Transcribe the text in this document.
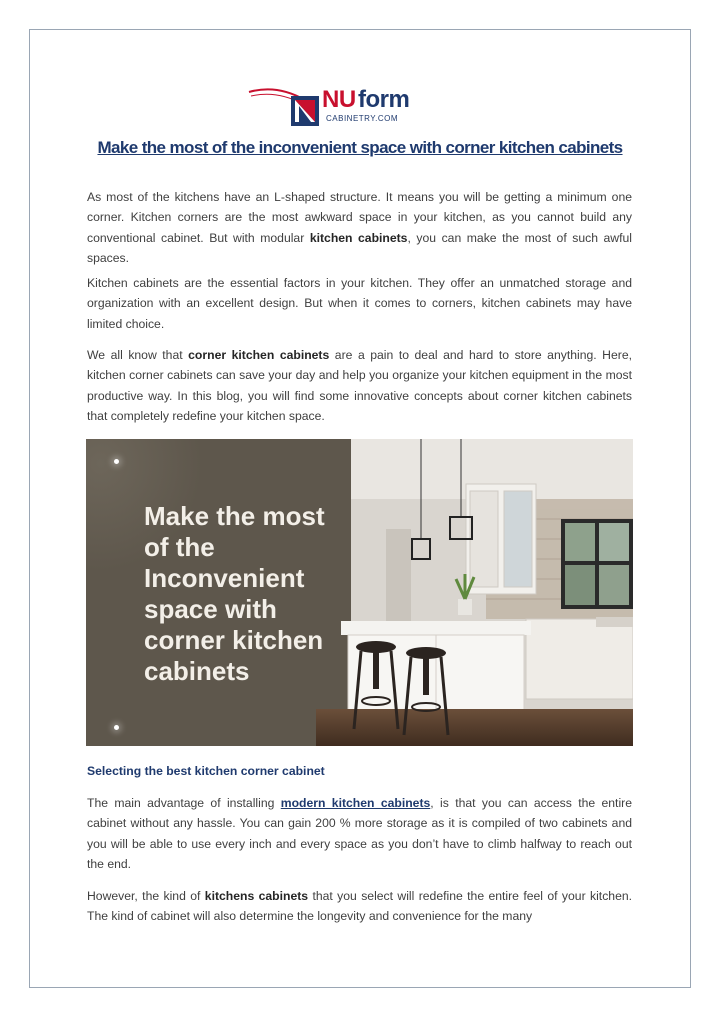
NU form
CABINETRY.COM
Make the most of the inconvenient space with corner kitchen cabinets

As most of the kitchens have an L-shaped structure. It means you will be getting a minimum one corner. Kitchen corners are the most awkward space in your kitchen, as you cannot build any conventional cabinet. But with modular kitchen cabinets, you can make the most of such awful spaces.

Kitchen cabinets are the essential factors in your kitchen. They offer an unmatched storage and organization with an excellent design. But when it comes to corners, kitchen cabinets may have limited choice.

We all know that corner kitchen cabinets are a pain to deal and hard to store anything. Here, kitchen corner cabinets can save your day and help you organize your kitchen equipment in the most productive way. In this blog, you will find some innovative concepts about corner kitchen cabinets that completely redefine your kitchen space.

Make the most
of the
Inconvenient
space with
corner kitchen
cabinets
Selecting the best kitchen corner cabinet

The main advantage of installing modern kitchen cabinets, is that you can access the entire cabinet without any hassle. You can gain 200 % more storage as it is compiled of two cabinets and you will be able to use every inch and every space as you don’t have to climb halfway to reach out the end.

However, the kind of kitchens cabinets that you select will redefine the entire feel of your kitchen. The kind of cabinet will also determine the longevity and convenience for the many
